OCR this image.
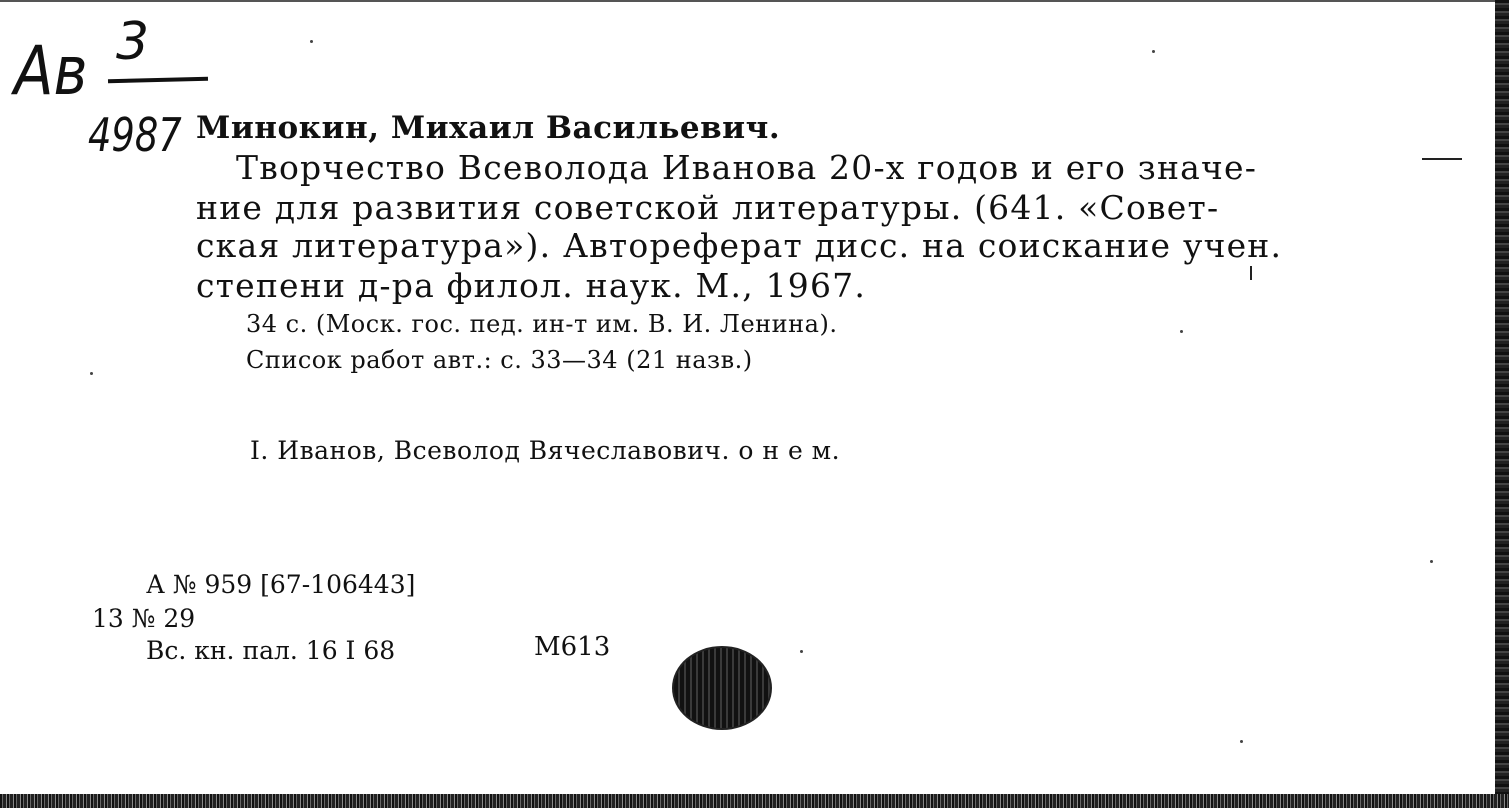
Ав 3
4987 Минокин, Михаил Васильевич.
Творчество Всеволода Иванова 20-х годов и его значе-
ние для развития советской литературы. (641. «Совет-
ская литература»). Автореферат дисс. на соискание учен.
степени д-ра филол. наук. М., 1967.
34 с. (Моск. гос. пед. ин-т им. В. И. Ленина).
Список работ авт.: с. 33—34 (21 назв.)
I. Иванов, Всеволод Вячеславович. о н е м.
А № 959 [67-106443]
13 № 29
Вс. кн. пал. 16 I 68	М613
